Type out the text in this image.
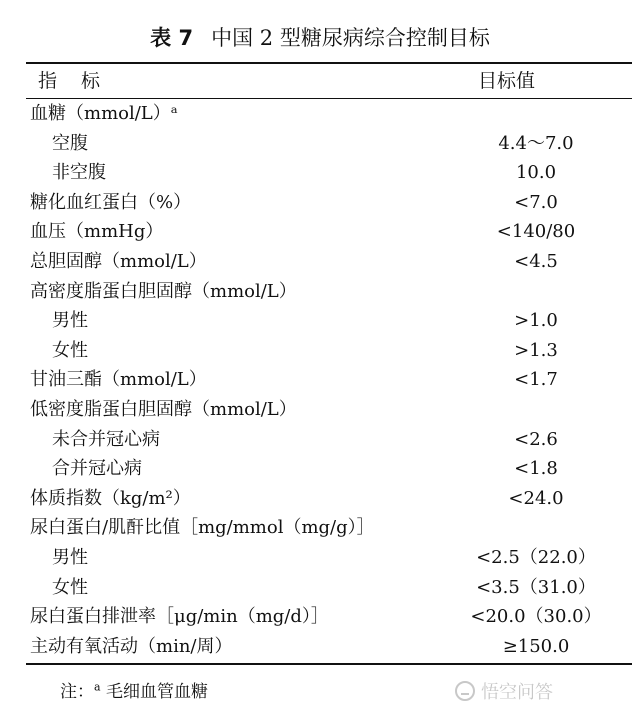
表 7 中国 2 型糖尿病综合控制目标
指 标	目标值
血糖（mmol/L）ᵃ
空腹	4.4～7.0
非空腹	10.0
糖化血红蛋白（%）	<7.0
血压（mmHg）	<140/80
总胆固醇（mmol/L）	<4.5
高密度脂蛋白胆固醇（mmol/L）
男性	>1.0
女性	>1.3
甘油三酯（mmol/L）	<1.7
低密度脂蛋白胆固醇（mmol/L）
未合并冠心病	<2.6
合并冠心病	<1.8
体质指数（kg/m²）	<24.0
尿白蛋白/肌酐比值［mg/mmol（mg/g）］
男性	<2.5（22.0）
女性	<3.5（31.0）
尿白蛋白排泄率［μg/min（mg/d）］	<20.0（30.0）
主动有氧活动（min/周）	≥150.0
注：$^a$ 毛细血管血糖	悟空问答
